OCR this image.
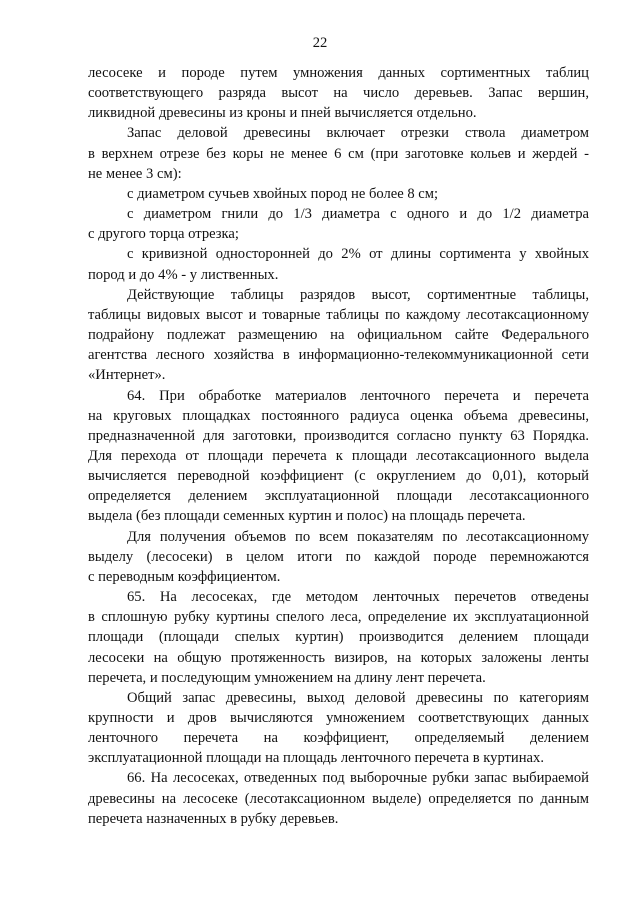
22

лесосеке и породе путем умножения данных сортиментных таблиц
соответствующего разряда высот на число деревьев. Запас вершин,
ликвидной древесины из кроны и пней вычисляется отдельно.

Запас деловой древесины включает отрезки ствола диаметром
в верхнем отрезе без коры не менее 6 см (при заготовке кольев и жердей -
не менее 3 см):

с диаметром сучьев хвойных пород не более 8 см;

с диаметром гнили до 1/3 диаметра с одного и до 1/2 диаметра
с другого торца отрезка;

с кривизной односторонней до 2% от длины сортимента у хвойных
пород и до 4% - у лиственных.

Действующие таблицы разрядов высот, сортиментные таблицы,
таблицы видовых высот и товарные таблицы по каждому лесотаксационному
подрайону подлежат размещению на официальном сайте Федерального
агентства лесного хозяйства в информационно-телекоммуникационной сети
«Интернет».

64. При обработке материалов ленточного перечета и перечета
на круговых площадках постоянного радиуса оценка объема древесины,
предназначенной для заготовки, производится согласно пункту 63 Порядка.
Для перехода от площади перечета к площади лесотаксационного выдела
вычисляется переводной коэффициент (с округлением до 0,01), который
определяется делением эксплуатационной площади лесотаксационного
выдела (без площади семенных куртин и полос) на площадь перечета.

Для получения объемов по всем показателям по лесотаксационному
выделу (лесосеки) в целом итоги по каждой породе перемножаются
с переводным коэффициентом.

65. На лесосеках, где методом ленточных перечетов отведены
в сплошную рубку куртины спелого леса, определение их эксплуатационной
площади (площади спелых куртин) производится делением площади
лесосеки на общую протяженность визиров, на которых заложены ленты
перечета, и последующим умножением на длину лент перечета.

Общий запас древесины, выход деловой древесины по категориям
крупности и дров вычисляются умножением соответствующих данных
ленточного перечета на коэффициент, определяемый делением
эксплуатационной площади на площадь ленточного перечета в куртинах.

66. На лесосеках, отведенных под выборочные рубки запас выбираемой
древесины на лесосеке (лесотаксационном выделе) определяется по данным
перечета назначенных в рубку деревьев.
